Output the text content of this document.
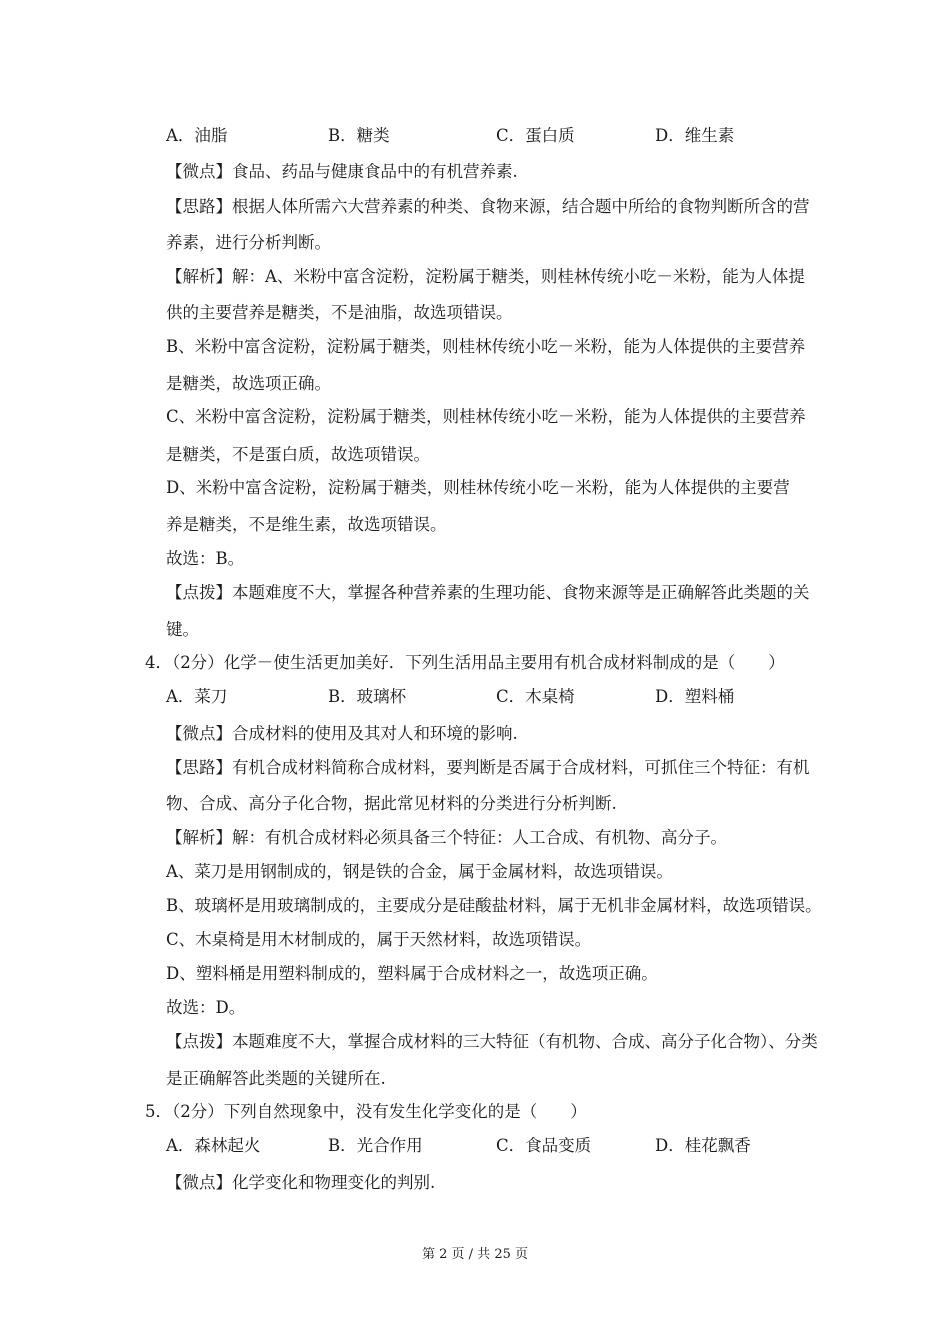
A．油脂	B．糖类	C．蛋白质	D．维生素
【微点】食品、药品与健康食品中的有机营养素.
【思路】根据人体所需六大营养素的种类、食物来源，结合题中所给的食物判断所含的营
养素，进行分析判断。
【解析】解：A、米粉中富含淀粉，淀粉属于糖类，则桂林传统小吃－米粉，能为人体提
供的主要营养是糖类，不是油脂，故选项错误。
B、米粉中富含淀粉，淀粉属于糖类，则桂林传统小吃－米粉，能为人体提供的主要营养
是糖类，故选项正确。
C、米粉中富含淀粉，淀粉属于糖类，则桂林传统小吃－米粉，能为人体提供的主要营养
是糖类，不是蛋白质，故选项错误。
D、米粉中富含淀粉，淀粉属于糖类，则桂林传统小吃－米粉，能为人体提供的主要营
养是糖类，不是维生素，故选项错误。
故选：B。
【点拨】本题难度不大，掌握各种营养素的生理功能、食物来源等是正确解答此类题的关
键。
4．（2分）化学－使生活更加美好．下列生活用品主要用有机合成材料制成的是（　　）
A．菜刀	B．玻璃杯	C．木桌椅	D．塑料桶
【微点】合成材料的使用及其对人和环境的影响.
【思路】有机合成材料简称合成材料，要判断是否属于合成材料，可抓住三个特征：有机
物、合成、高分子化合物，据此常见材料的分类进行分析判断.
【解析】解：有机合成材料必须具备三个特征：人工合成、有机物、高分子。
A、菜刀是用钢制成的，钢是铁的合金，属于金属材料，故选项错误。
B、玻璃杯是用玻璃制成的，主要成分是硅酸盐材料，属于无机非金属材料，故选项错误。
C、木桌椅是用木材制成的，属于天然材料，故选项错误。
D、塑料桶是用塑料制成的，塑料属于合成材料之一，故选项正确。
故选：D。
【点拨】本题难度不大，掌握合成材料的三大特征（有机物、合成、高分子化合物）、分类
是正确解答此类题的关键所在.
5．（2分）下列自然现象中，没有发生化学变化的是（　　）
A．森林起火	B．光合作用	C．食品变质	D．桂花飘香
【微点】化学变化和物理变化的判别.
第 2 页 / 共 25 页
